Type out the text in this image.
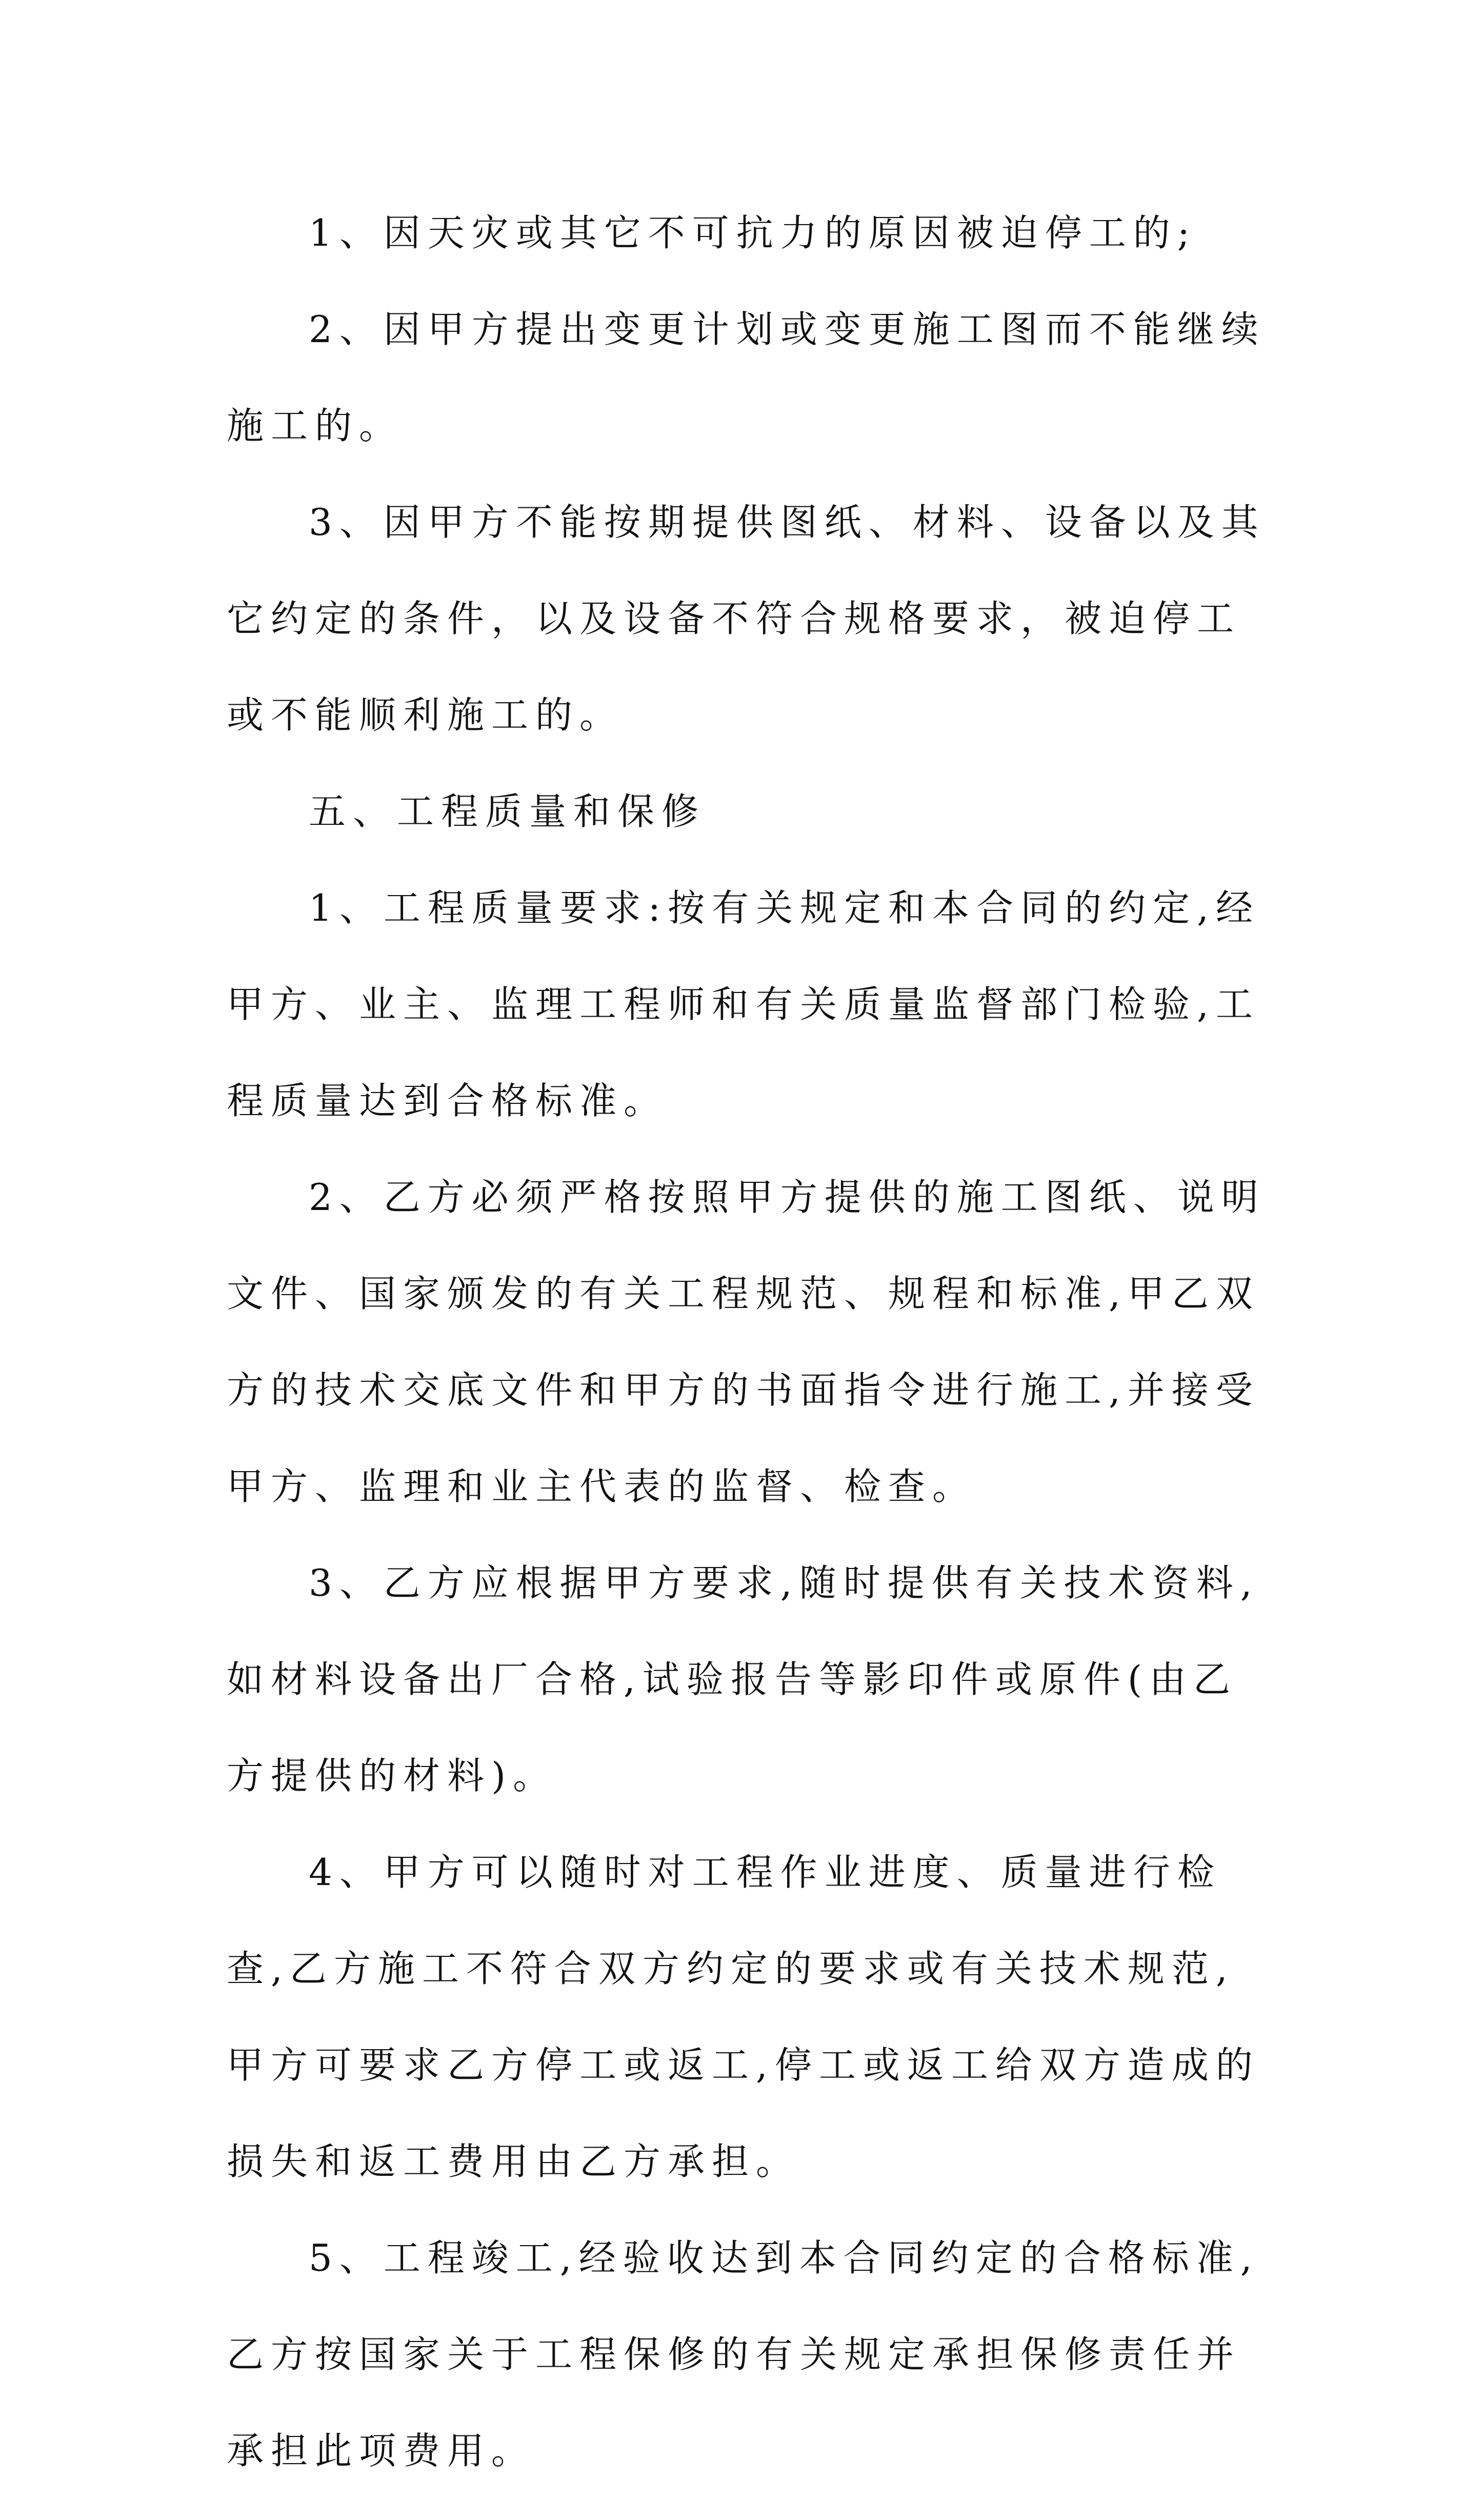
1、因天灾或其它不可抗力的原因被迫停工的;

2、因甲方提出变更计划或变更施工图而不能继续施工的。

3、因甲方不能按期提供图纸、材料、设备以及其它约定的条件，以及设备不符合规格要求，被迫停工或不能顺利施工的。

五、工程质量和保修

1、工程质量要求:按有关规定和本合同的约定,经甲方、业主、监理工程师和有关质量监督部门检验,工程质量达到合格标准。

2、乙方必须严格按照甲方提供的施工图纸、说明文件、国家颁发的有关工程规范、规程和标准,甲乙双方的技术交底文件和甲方的书面指令进行施工,并接受甲方、监理和业主代表的监督、检查。

3、乙方应根据甲方要求,随时提供有关技术资料,如材料设备出厂合格,试验报告等影印件或原件(由乙方提供的材料)。

4、甲方可以随时对工程作业进度、质量进行检查,乙方施工不符合双方约定的要求或有关技术规范,甲方可要求乙方停工或返工,停工或返工给双方造成的损失和返工费用由乙方承担。

5、工程竣工,经验收达到本合同约定的合格标准,乙方按国家关于工程保修的有关规定承担保修责任并承担此项费用。
